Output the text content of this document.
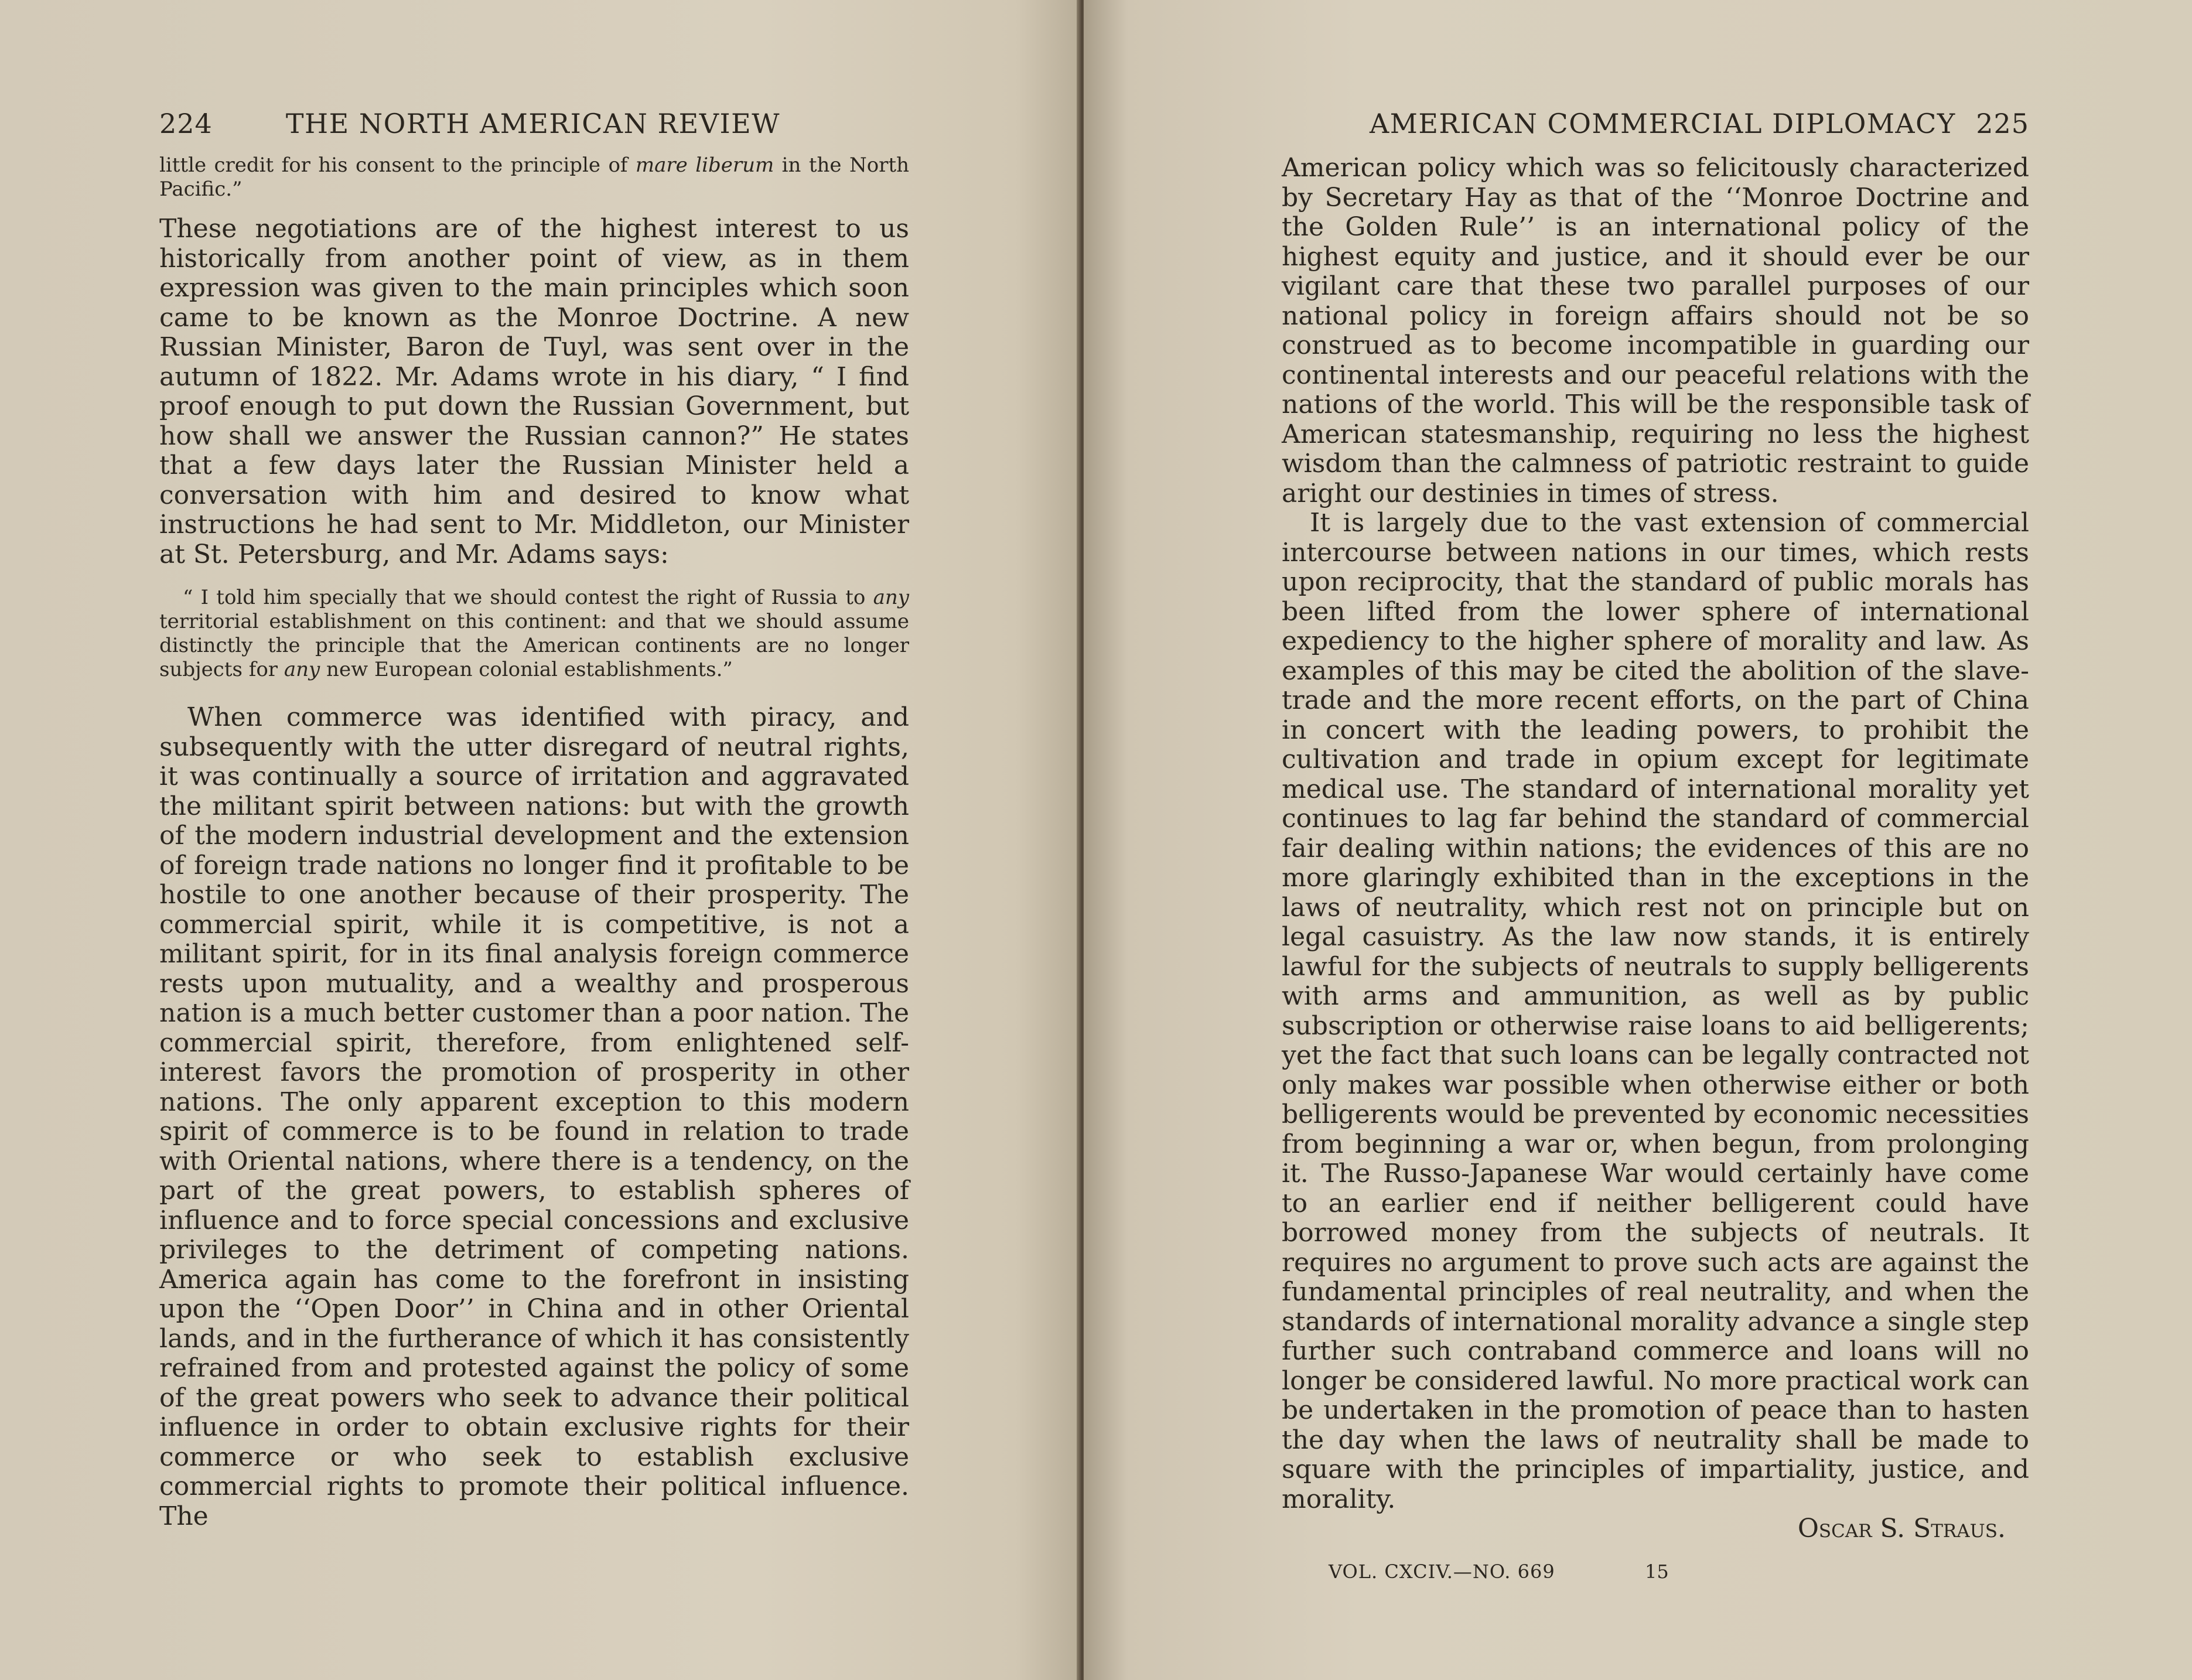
224	THE NORTH AMERICAN REVIEW

little credit for his consent to the principle of mare liberum in the North Pacific.”

These negotiations are of the highest interest to us historically from another point of view, as in them expression was given to the main principles which soon came to be known as the Monroe Doctrine. A new Russian Minister, Baron de Tuyl, was sent over in the autumn of 1822. Mr. Adams wrote in his diary, “ I find proof enough to put down the Russian Government, but how shall we answer the Russian cannon?” He states that a few days later the Russian Minister held a conversation with him and desired to know what instructions he had sent to Mr. Middleton, our Minister at St. Petersburg, and Mr. Adams says:

“ I told him specially that we should contest the right of Russia to any territorial establishment on this continent: and that we should assume distinctly the principle that the American continents are no longer subjects for any new European colonial establishments.”

When commerce was identified with piracy, and subsequently with the utter disregard of neutral rights, it was continually a source of irritation and aggravated the militant spirit between nations: but with the growth of the modern industrial development and the extension of foreign trade nations no longer find it profitable to be hostile to one another because of their prosperity. The commercial spirit, while it is competitive, is not a militant spirit, for in its final analysis foreign commerce rests upon mutuality, and a wealthy and prosperous nation is a much better customer than a poor nation. The commercial spirit, therefore, from enlightened self-interest favors the promotion of prosperity in other nations. The only apparent exception to this modern spirit of commerce is to be found in relation to trade with Oriental nations, where there is a tendency, on the part of the great powers, to establish spheres of influence and to force special concessions and exclusive privileges to the detriment of competing nations. America again has come to the forefront in insisting upon the ‘‘Open Door’’ in China and in other Oriental lands, and in the furtherance of which it has consistently refrained from and protested against the policy of some of the great powers who seek to advance their political influence in order to obtain exclusive rights for their commerce or who seek to establish exclusive commercial rights to promote their political influence. The

AMERICAN COMMERCIAL DIPLOMACY 225

American policy which was so felicitously characterized by Secretary Hay as that of the ‘‘Monroe Doctrine and the Golden Rule’’ is an international policy of the highest equity and justice, and it should ever be our vigilant care that these two parallel purposes of our national policy in foreign affairs should not be so construed as to become incompatible in guarding our continental interests and our peaceful relations with the nations of the world. This will be the responsible task of American statesmanship, requiring no less the highest wisdom than the calmness of patriotic restraint to guide aright our destinies in times of stress.

It is largely due to the vast extension of commercial intercourse between nations in our times, which rests upon reciprocity, that the standard of public morals has been lifted from the lower sphere of international expediency to the higher sphere of morality and law. As examples of this may be cited the abolition of the slave-trade and the more recent efforts, on the part of China in concert with the leading powers, to prohibit the cultivation and trade in opium except for legitimate medical use. The standard of international morality yet continues to lag far behind the standard of commercial fair dealing within nations; the evidences of this are no more glaringly exhibited than in the exceptions in the laws of neutrality, which rest not on principle but on legal casuistry. As the law now stands, it is entirely lawful for the subjects of neutrals to supply belligerents with arms and ammunition, as well as by public subscription or otherwise raise loans to aid belligerents; yet the fact that such loans can be legally contracted not only makes war possible when otherwise either or both belligerents would be prevented by economic necessities from beginning a war or, when begun, from prolonging it. The Russo-Japanese War would certainly have come to an earlier end if neither belligerent could have borrowed money from the subjects of neutrals. It requires no argument to prove such acts are against the fundamental principles of real neutrality, and when the standards of international morality advance a single step further such contraband commerce and loans will no longer be considered lawful. No more practical work can be undertaken in the promotion of peace than to hasten the day when the laws of neutrality shall be made to square with the principles of impartiality, justice, and morality.

Oscar S. Straus.
VOL. CXCIV.—NO. 669	15
